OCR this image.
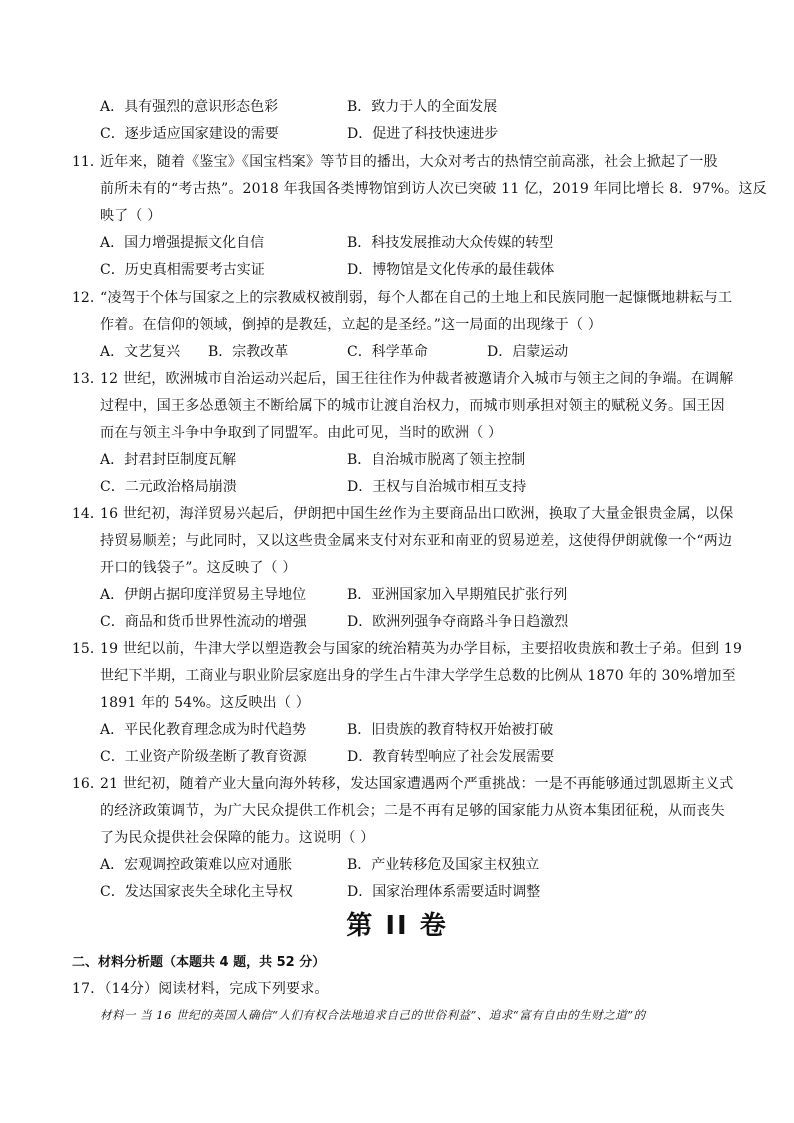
A．具有强烈的意识形态色彩	B．致力于人的全面发展
C．逐步适应国家建设的需要	D．促进了科技快速进步
11．
近年来，随着《鉴宝》《国宝档案》等节目的播出，大众对考古的热情空前高涨，社会上掀起了一股
前所未有的“考古热”。2018 年我国各类博物馆到访人次已突破 11 亿，2019 年同比增长 8．97%。这反
映了（ ）
A．国力增强提振文化自信	B．科技发展推动大众传媒的转型
C．历史真相需要考古实证	D．博物馆是文化传承的最佳载体
12．
“凌驾于个体与国家之上的宗教威权被削弱，每个人都在自己的土地上和民族同胞一起慷慨地耕耘与工
作着。在信仰的领域，倒掉的是教廷，立起的是圣经。”这一局面的出现缘于（ ）
A．文艺复兴 B．宗教改革	C．科学革命	D．启蒙运动
13．
12 世纪，欧洲城市自治运动兴起后，国王往往作为仲裁者被邀请介入城市与领主之间的争端。在调解
过程中，国王多怂恿领主不断给属下的城市让渡自治权力，而城市则承担对领主的赋税义务。国王因
而在与领主斗争中争取到了同盟军。由此可见，当时的欧洲（ ）
A．封君封臣制度瓦解	B．自治城市脱离了领主控制
C．二元政治格局崩溃	D．王权与自治城市相互支持
14．
16 世纪初，海洋贸易兴起后，伊朗把中国生丝作为主要商品出口欧洲，换取了大量金银贵金属，以保
持贸易顺差；与此同时，又以这些贵金属来支付对东亚和南亚的贸易逆差，这使得伊朗就像一个“两边
开口的钱袋子”。这反映了（ ）
A．伊朗占据印度洋贸易主导地位	B．亚洲国家加入早期殖民扩张行列
C．商品和货币世界性流动的增强	D．欧洲列强争夺商路斗争日趋激烈
15．
19 世纪以前，牛津大学以塑造教会与国家的统治精英为办学目标，主要招收贵族和教士子弟。但到 19
世纪下半期，工商业与职业阶层家庭出身的学生占牛津大学学生总数的比例从 1870 年的 30%增加至
1891 年的 54%。这反映出（ ）
A．平民化教育理念成为时代趋势	B．旧贵族的教育特权开始被打破
C．工业资产阶级垄断了教育资源	D．教育转型响应了社会发展需要
16．
21 世纪初，随着产业大量向海外转移，发达国家遭遇两个严重挑战：一是不再能够通过凯恩斯主义式
的经济政策调节，为广大民众提供工作机会；二是不再有足够的国家能力从资本集团征税，从而丧失
了为民众提供社会保障的能力。这说明（ ）
A．宏观调控政策难以应对通胀	B．产业转移危及国家主权独立
C．发达国家丧失全球化主导权	D．国家治理体系需要适时调整
第 II 卷
二、材料分析题（本题共 4 题，共 52 分）
17．（14分）阅读材料，完成下列要求。
材料一 当 16 世纪的英国人确信“人们有权合法地追求自己的世俗利益”、追求“富有自由的生财之道”的
